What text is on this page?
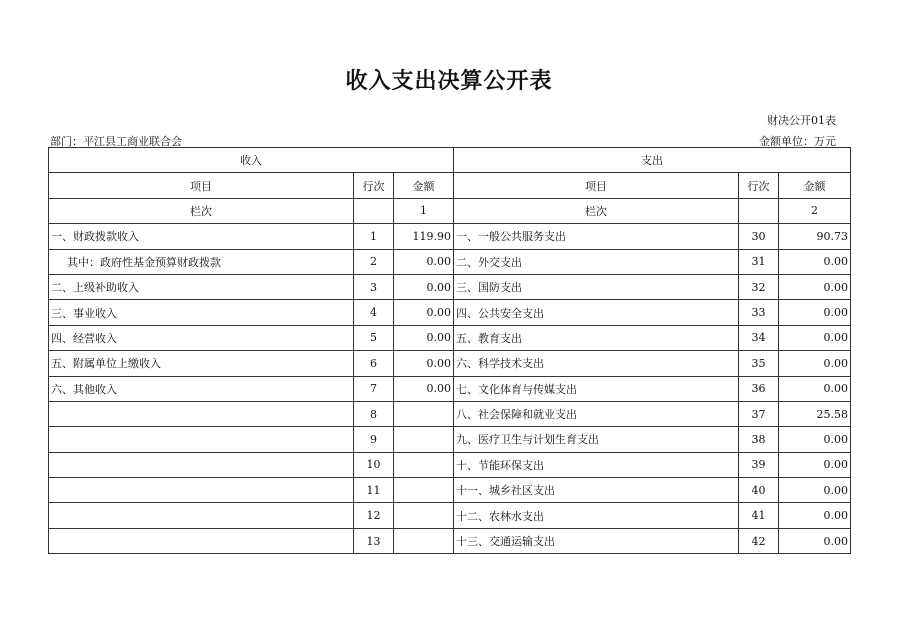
收入支出决算公开表
财决公开01表
部门：平江县工商业联合会	金额单位：万元
收入			支出		
项目	行次	金额	项目	行次	金额
栏次		1	栏次		2
一、财政拨款收入	1	119.90	一、一般公共服务支出	30	90.73
其中：政府性基金预算财政拨款	2	0.00	二、外交支出	31	0.00
二、上级补助收入	3	0.00	三、国防支出	32	0.00
三、事业收入	4	0.00	四、公共安全支出	33	0.00
四、经营收入	5	0.00	五、教育支出	34	0.00
五、附属单位上缴收入	6	0.00	六、科学技术支出	35	0.00
六、其他收入	7	0.00	七、文化体育与传媒支出	36	0.00
	8		八、社会保障和就业支出	37	25.58
	9		九、医疗卫生与计划生育支出	38	0.00
	10		十、节能环保支出	39	0.00
	11		十一、城乡社区支出	40	0.00
	12		十二、农林水支出	41	0.00
	13		十三、交通运输支出	42	0.00
